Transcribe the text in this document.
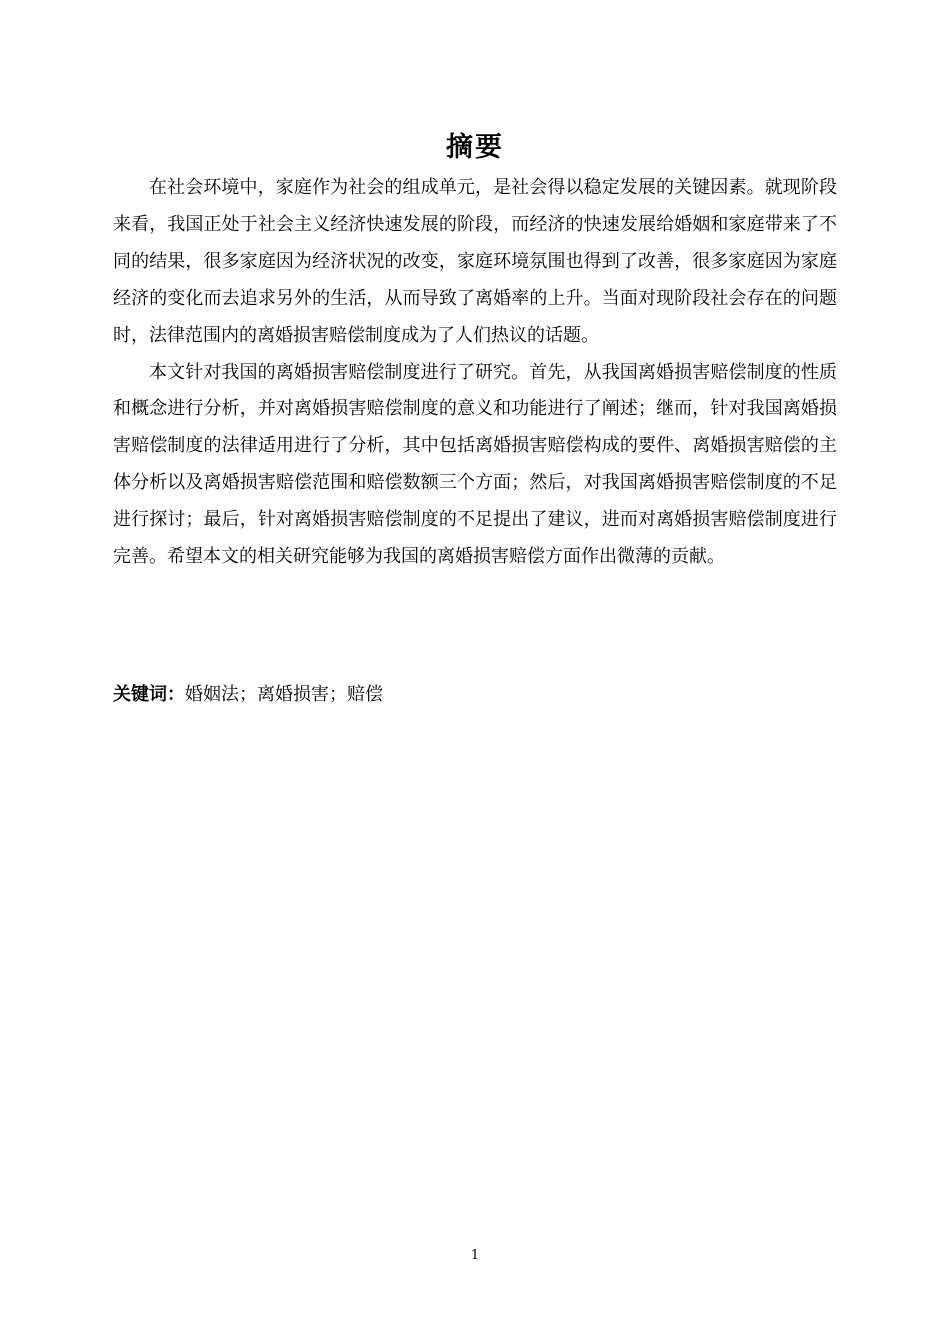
摘要

在社会环境中，家庭作为社会的组成单元，是社会得以稳定发展的关键因素。就现阶段来看，我国正处于社会主义经济快速发展的阶段，而经济的快速发展给婚姻和家庭带来了不同的结果，很多家庭因为经济状况的改变，家庭环境氛围也得到了改善，很多家庭因为家庭经济的变化而去追求另外的生活，从而导致了离婚率的上升。当面对现阶段社会存在的问题时，法律范围内的离婚损害赔偿制度成为了人们热议的话题。

本文针对我国的离婚损害赔偿制度进行了研究。首先，从我国离婚损害赔偿制度的性质和概念进行分析，并对离婚损害赔偿制度的意义和功能进行了阐述；继而，针对我国离婚损害赔偿制度的法律适用进行了分析，其中包括离婚损害赔偿构成的要件、离婚损害赔偿的主体分析以及离婚损害赔偿范围和赔偿数额三个方面；然后，对我国离婚损害赔偿制度的不足进行探讨；最后，针对离婚损害赔偿制度的不足提出了建议，进而对离婚损害赔偿制度进行完善。希望本文的相关研究能够为我国的离婚损害赔偿方面作出微薄的贡献。

关键词：婚姻法；离婚损害；赔偿
1
